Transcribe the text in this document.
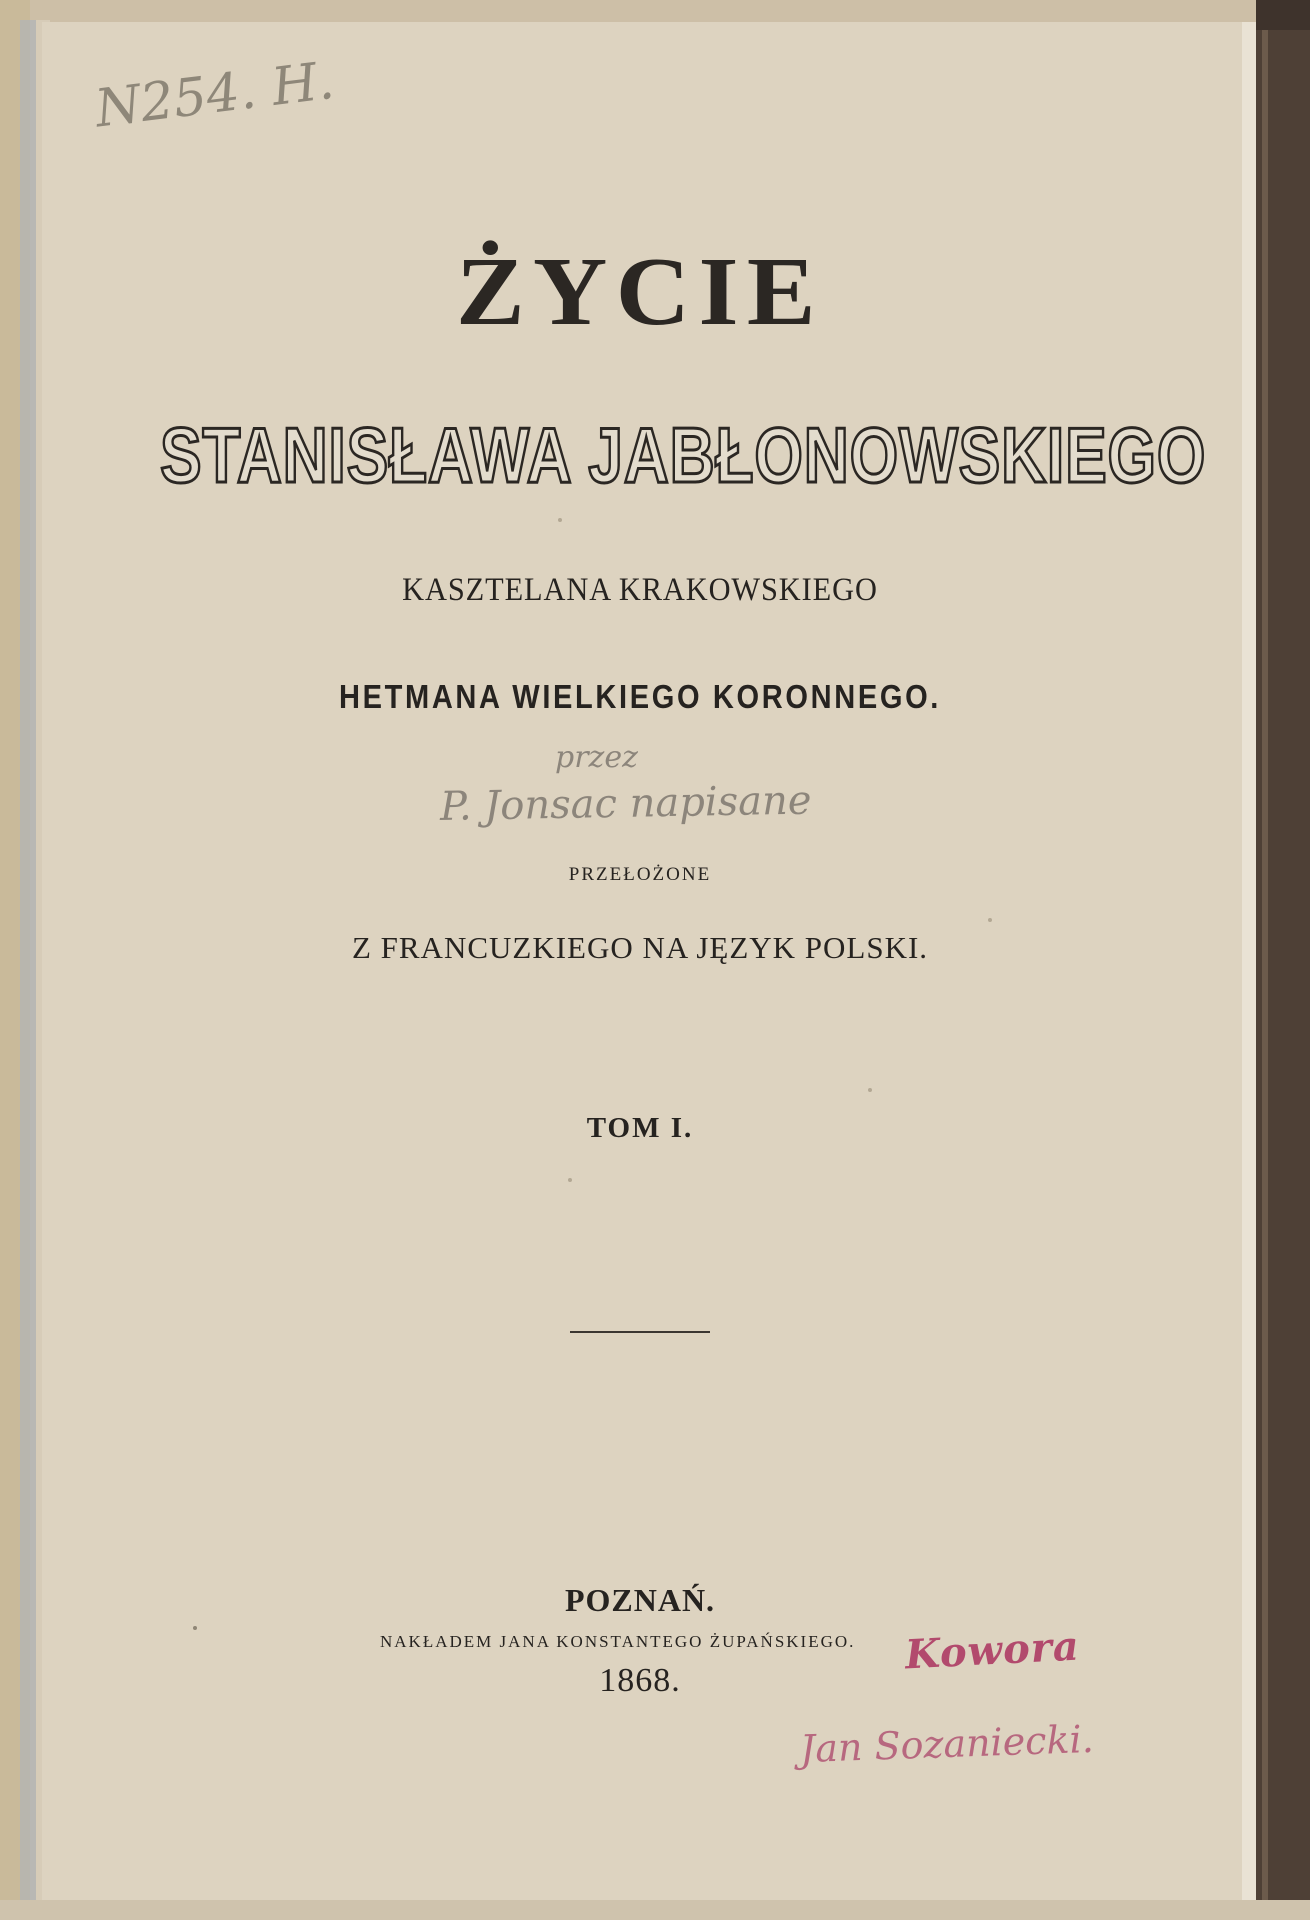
N254. H.
ŻYCIE
STANISŁAWA JABŁONOWSKIEGO
KASZTELANA KRAKOWSKIEGO
HETMANA WIELKIEGO KORONNEGO.
przez
P. Jonsac napisane
PRZEŁOŻONE
Z FRANCUZKIEGO NA JĘZYK POLSKI.
TOM I.
POZNAŃ.
NAKŁADEM JANA KONSTANTEGO ŻUPAŃSKIEGO.
1868.
Kowora
Jan Sozaniecki.
